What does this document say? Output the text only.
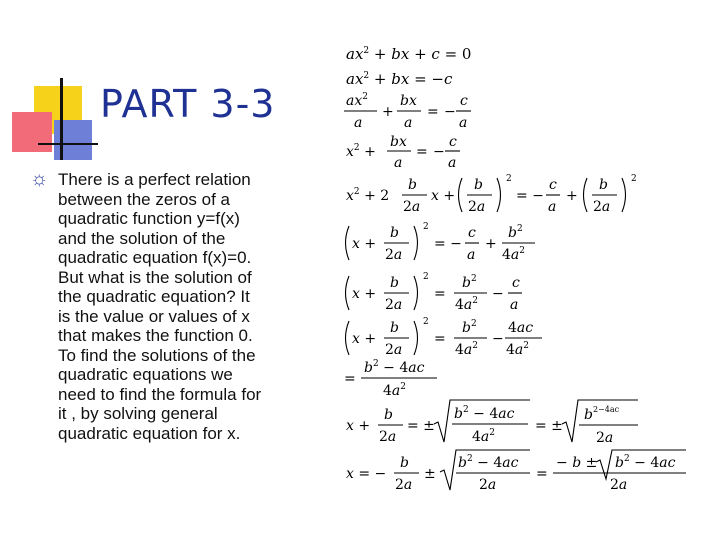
PART 3-3
☼ There is a perfect relation
between the zeros of a
quadratic function y=f(x)
and the solution of the
quadratic equation f(x)=0.
But what is the solution of
the quadratic equation? It
is the value or values of x
that makes the function 0.
To find the solutions of the
quadratic equations we
need to find the formula for
it , by solving general
quadratic equation for x.
$ax^2$ + bx + c = 0
$ax^2$ + bx = −c
$ax^2$
a
+
bx
a
= −
c
a
$x^2$ +
bx
a
= −
c
a
$x^2 + 2$
b
2a
x +
b
2a
2
= −
c
a
+
b
2a
2
x +
b
2a
2
= −
c
a
+
$b^2$
$4a^2$
x +
b
2a
2
=
$b^2$
$4a^2$ −
c
a
x +
b
2a
2
=
$b^2$
$4a^2$ −
4ac
$4a^2$
=
$b^2 - 4ac$
$4a^2$
x +
b
2a
= ±
$b^2 - 4ac$
$4a^2$	= ±
$b^{2-4ac}$
2a
x = −
b
2a
±
$b^2 - 4ac$
2a
=
− $b \pm b^2 - 4ac$
2a
